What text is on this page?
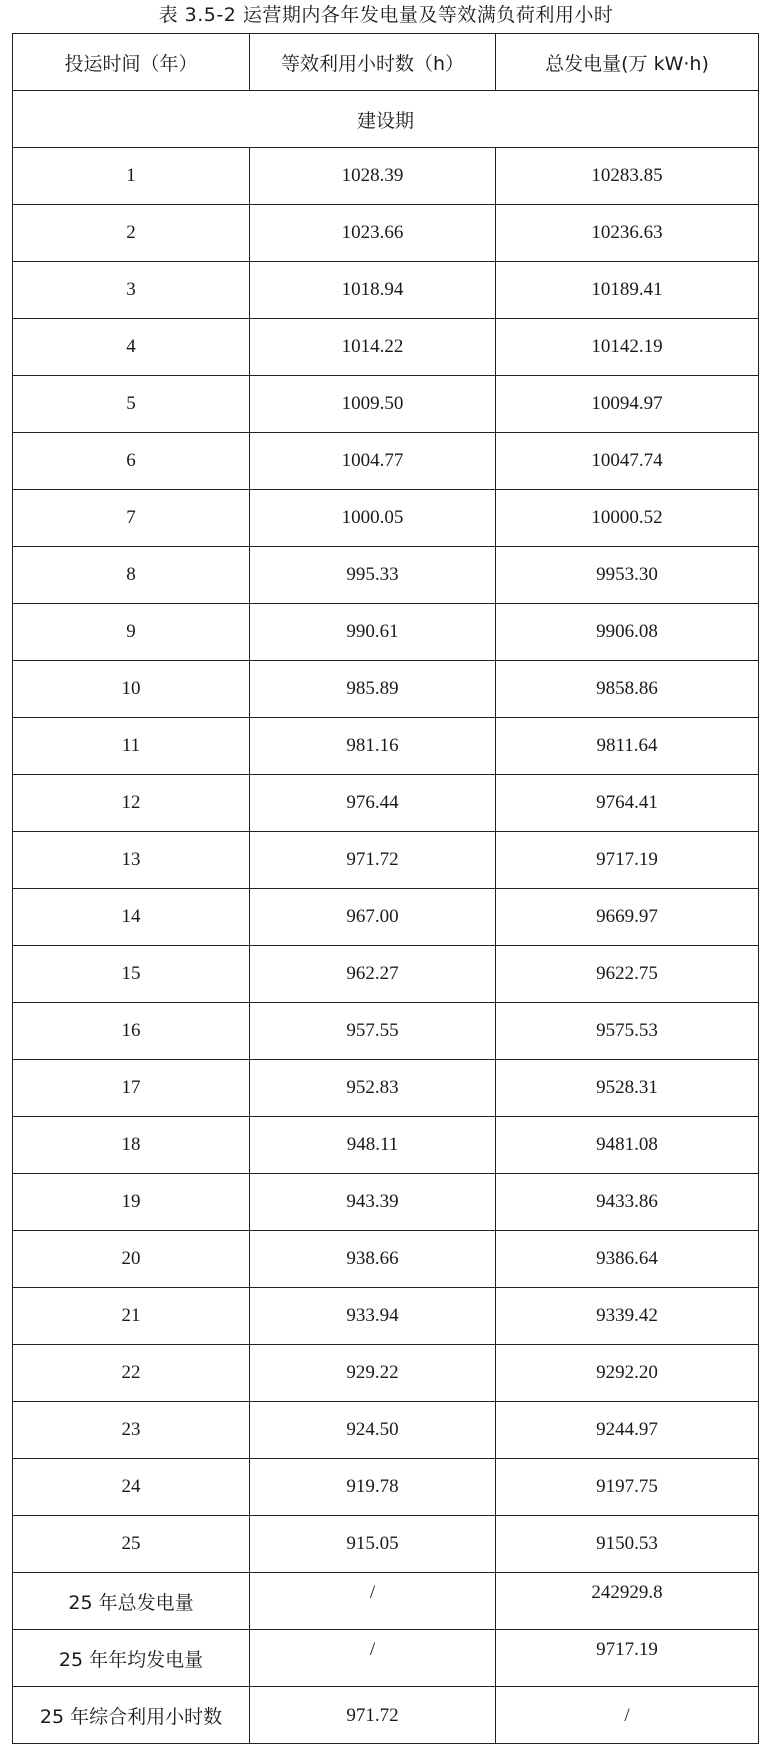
表 3.5-2 运营期内各年发电量及等效满负荷利用小时
投运时间（年）	等效利用小时数（h）	总发电量(万 kW·h)
建设期		
1	1028.39	10283.85
2	1023.66	10236.63
3	1018.94	10189.41
4	1014.22	10142.19
5	1009.50	10094.97
6	1004.77	10047.74
7	1000.05	10000.52
8	995.33	9953.30
9	990.61	9906.08
10	985.89	9858.86
11	981.16	9811.64
12	976.44	9764.41
13	971.72	9717.19
14	967.00	9669.97
15	962.27	9622.75
16	957.55	9575.53
17	952.83	9528.31
18	948.11	9481.08
19	943.39	9433.86
20	938.66	9386.64
21	933.94	9339.42
22	929.22	9292.20
23	924.50	9244.97
24	919.78	9197.75
25	915.05	9150.53
25 年总发电量	/	242929.8
25 年年均发电量	/	9717.19
25 年综合利用小时数	971.72	/
